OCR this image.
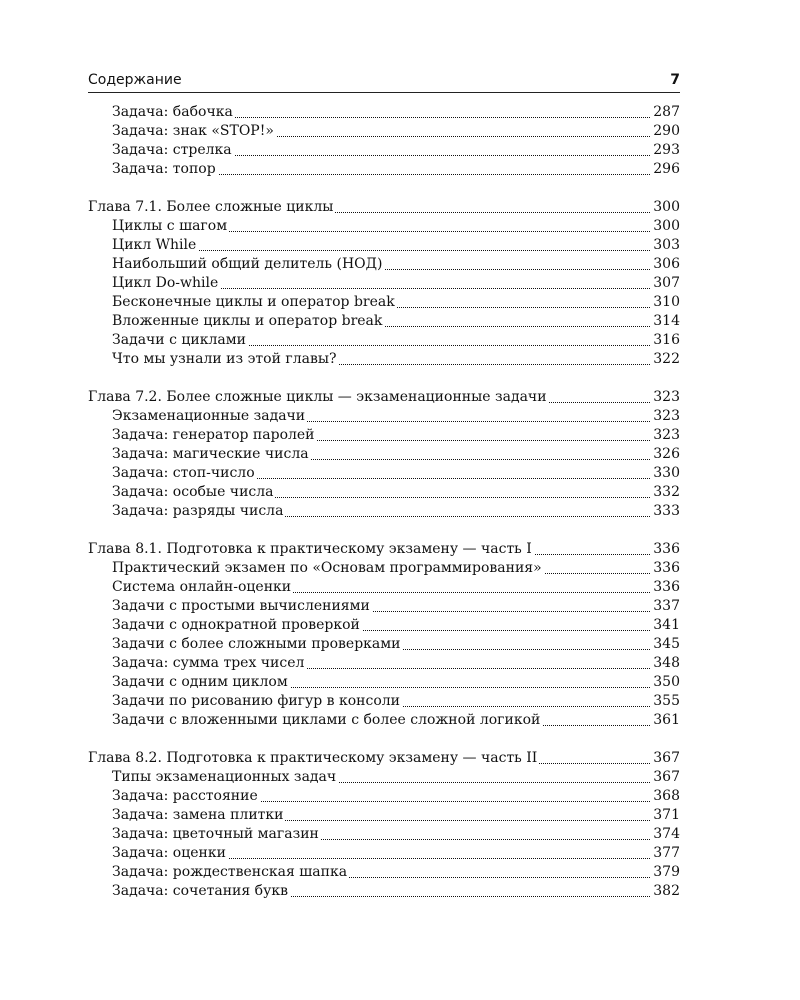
Содержание	7
Задача: бабочка	287
Задача: знак «STOP!»	290
Задача: стрелка	293
Задача: топор	296
Глава 7.1. Более сложные циклы	300
Циклы с шагом	300
Цикл While	303
Наибольший общий делитель (НОД)	306
Цикл Do-while	307
Бесконечные циклы и оператор break	310
Вложенные циклы и оператор break	314
Задачи с циклами	316
Что мы узнали из этой главы?	322
Глава 7.2. Более сложные циклы — экзаменационные задачи	323
Экзаменационные задачи	323
Задача: генератор паролей	323
Задача: магические числа	326
Задача: стоп-число	330
Задача: особые числа	332
Задача: разряды числа	333
Глава 8.1. Подготовка к практическому экзамену — часть I	336
Практический экзамен по «Основам программирования»	336
Система онлайн-оценки	336
Задачи с простыми вычислениями	337
Задачи с однократной проверкой	341
Задачи с более сложными проверками	345
Задача: сумма трех чисел	348
Задачи с одним циклом	350
Задачи по рисованию фигур в консоли	355
Задачи с вложенными циклами с более сложной логикой	361
Глава 8.2. Подготовка к практическому экзамену — часть II	367
Типы экзаменационных задач	367
Задача: расстояние	368
Задача: замена плитки	371
Задача: цветочный магазин	374
Задача: оценки	377
Задача: рождественская шапка	379
Задача: сочетания букв	382
